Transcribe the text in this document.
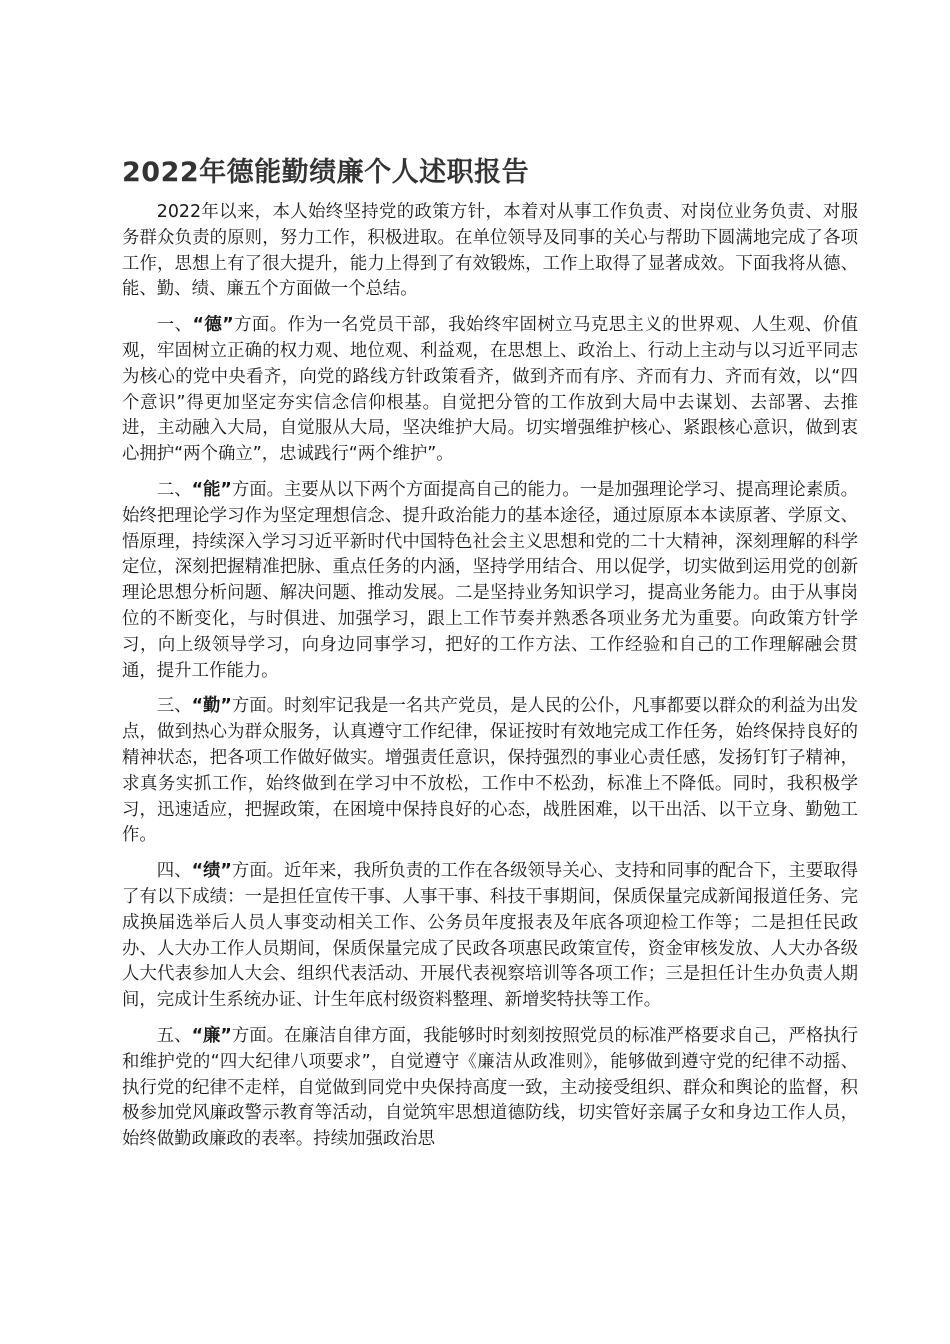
2022年德能勤绩廉个人述职报告

2022年以来，本人始终坚持党的政策方针，本着对从事工作负责、对岗位业务负责、对服务群众负责的原则，努力工作，积极进取。在单位领导及同事的关心与帮助下圆满地完成了各项工作，思想上有了很大提升，能力上得到了有效锻炼，工作上取得了显著成效。下面我将从德、能、勤、绩、廉五个方面做一个总结。

一、“德”方面。作为一名党员干部，我始终牢固树立马克思主义的世界观、人生观、价值观，牢固树立正确的权力观、地位观、利益观，在思想上、政治上、行动上主动与以习近平同志为核心的党中央看齐，向党的路线方针政策看齐，做到齐而有序、齐而有力、齐而有效，以“四个意识”得更加坚定夯实信念信仰根基。自觉把分管的工作放到大局中去谋划、去部署、去推进，主动融入大局，自觉服从大局，坚决维护大局。切实增强维护核心、紧跟核心意识，做到衷心拥护“两个确立”，忠诚践行“两个维护”。

二、“能”方面。主要从以下两个方面提高自己的能力。一是加强理论学习、提高理论素质。始终把理论学习作为坚定理想信念、提升政治能力的基本途径，通过原原本本读原著、学原文、悟原理，持续深入学习习近平新时代中国特色社会主义思想和党的二十大精神，深刻理解的科学定位，深刻把握精准把脉、重点任务的内涵，坚持学用结合、用以促学，切实做到运用党的创新理论思想分析问题、解决问题、推动发展。二是坚持业务知识学习，提高业务能力。由于从事岗位的不断变化，与时俱进、加强学习，跟上工作节奏并熟悉各项业务尤为重要。向政策方针学习，向上级领导学习，向身边同事学习，把好的工作方法、工作经验和自己的工作理解融会贯通，提升工作能力。

三、“勤”方面。时刻牢记我是一名共产党员，是人民的公仆，凡事都要以群众的利益为出发点，做到热心为群众服务，认真遵守工作纪律，保证按时有效地完成工作任务，始终保持良好的精神状态，把各项工作做好做实。增强责任意识，保持强烈的事业心责任感，发扬钉钉子精神，求真务实抓工作，始终做到在学习中不放松，工作中不松劲，标准上不降低。同时，我积极学习，迅速适应，把握政策，在困境中保持良好的心态，战胜困难，以干出活、以干立身、勤勉工作。

四、“绩”方面。近年来，我所负责的工作在各级领导关心、支持和同事的配合下，主要取得了有以下成绩：一是担任宣传干事、人事干事、科技干事期间，保质保量完成新闻报道任务、完成换届选举后人员人事变动相关工作、公务员年度报表及年底各项迎检工作等；二是担任民政办、人大办工作人员期间，保质保量完成了民政各项惠民政策宣传，资金审核发放、人大办各级人大代表参加人大会、组织代表活动、开展代表视察培训等各项工作；三是担任计生办负责人期间，完成计生系统办证、计生年底村级资料整理、新增奖特扶等工作。

五、“廉”方面。在廉洁自律方面，我能够时时刻刻按照党员的标准严格要求自己，严格执行和维护党的“四大纪律八项要求”，自觉遵守《廉洁从政准则》，能够做到遵守党的纪律不动摇、执行党的纪律不走样，自觉做到同党中央保持高度一致，主动接受组织、群众和舆论的监督，积极参加党风廉政警示教育等活动，自觉筑牢思想道德防线，切实管好亲属子女和身边工作人员，始终做勤政廉政的表率。持续加强政治思
